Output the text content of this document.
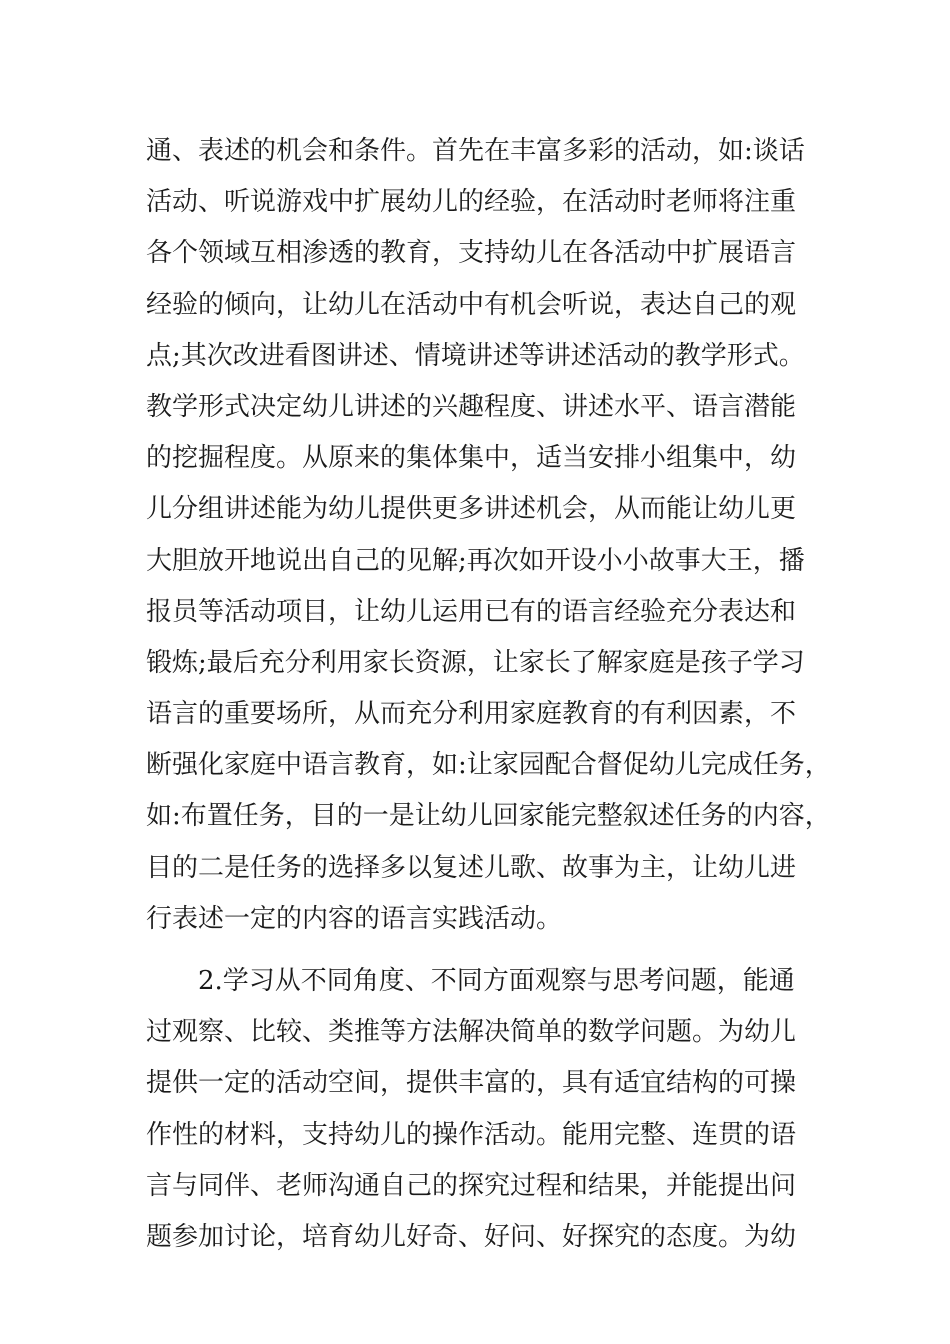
通、表述的机会和条件。首先在丰富多彩的活动，如:谈话
活动、听说游戏中扩展幼儿的经验，在活动时老师将注重
各个领域互相渗透的教育，支持幼儿在各活动中扩展语言
经验的倾向，让幼儿在活动中有机会听说，表达自己的观
点;其次改进看图讲述、情境讲述等讲述活动的教学形式。
教学形式决定幼儿讲述的兴趣程度、讲述水平、语言潜能
的挖掘程度。从原来的集体集中，适当安排小组集中，幼
儿分组讲述能为幼儿提供更多讲述机会，从而能让幼儿更
大胆放开地说出自己的见解;再次如开设小小故事大王，播
报员等活动项目，让幼儿运用已有的语言经验充分表达和
锻炼;最后充分利用家长资源，让家长了解家庭是孩子学习
语言的重要场所，从而充分利用家庭教育的有利因素，不
断强化家庭中语言教育，如:让家园配合督促幼儿完成任务，
如:布置任务，目的一是让幼儿回家能完整叙述任务的内容，
目的二是任务的选择多以复述儿歌、故事为主，让幼儿进
行表述一定的内容的语言实践活动。
2.学习从不同角度、不同方面观察与思考问题，能通
过观察、比较、类推等方法解决简单的数学问题。为幼儿
提供一定的活动空间，提供丰富的，具有适宜结构的可操
作性的材料，支持幼儿的操作活动。能用完整、连贯的语
言与同伴、老师沟通自己的探究过程和结果，并能提出问
题参加讨论，培育幼儿好奇、好问、好探究的态度。为幼
